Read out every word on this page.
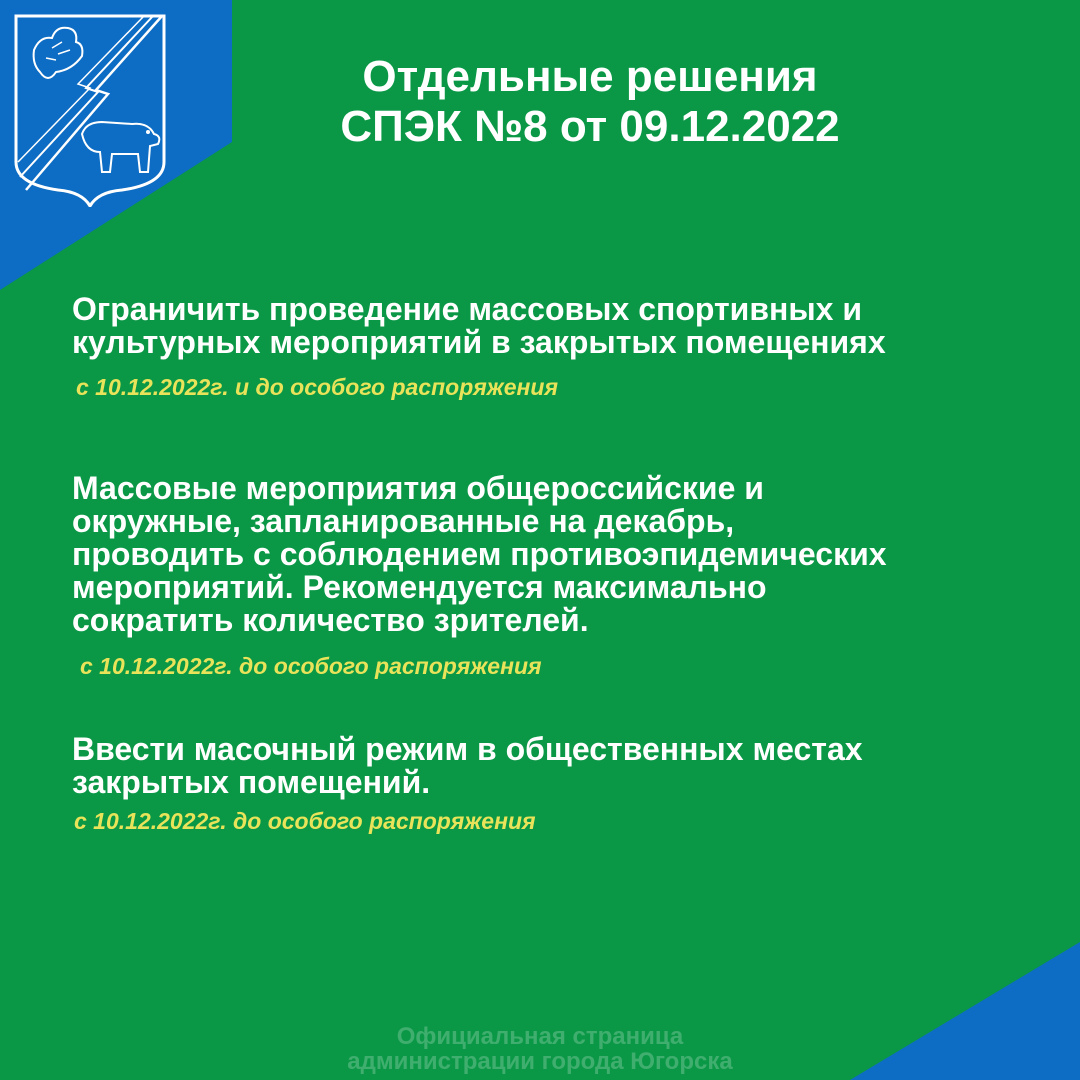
Отдельные решения
СПЭК №8 от 09.12.2022
Ограничить проведение массовых спортивных и
культурных мероприятий в закрытых помещениях
с 10.12.2022г. и до особого распоряжения
Массовые мероприятия общероссийские и
окружные, запланированные на декабрь,
проводить с соблюдением противоэпидемических
мероприятий. Рекомендуется максимально
сократить количество зрителей.
с 10.12.2022г. до особого распоряжения
Ввести масочный режим в общественных местах
закрытых помещений.
с 10.12.2022г. до особого распоряжения
Официальная страница
администрации города Югорска
